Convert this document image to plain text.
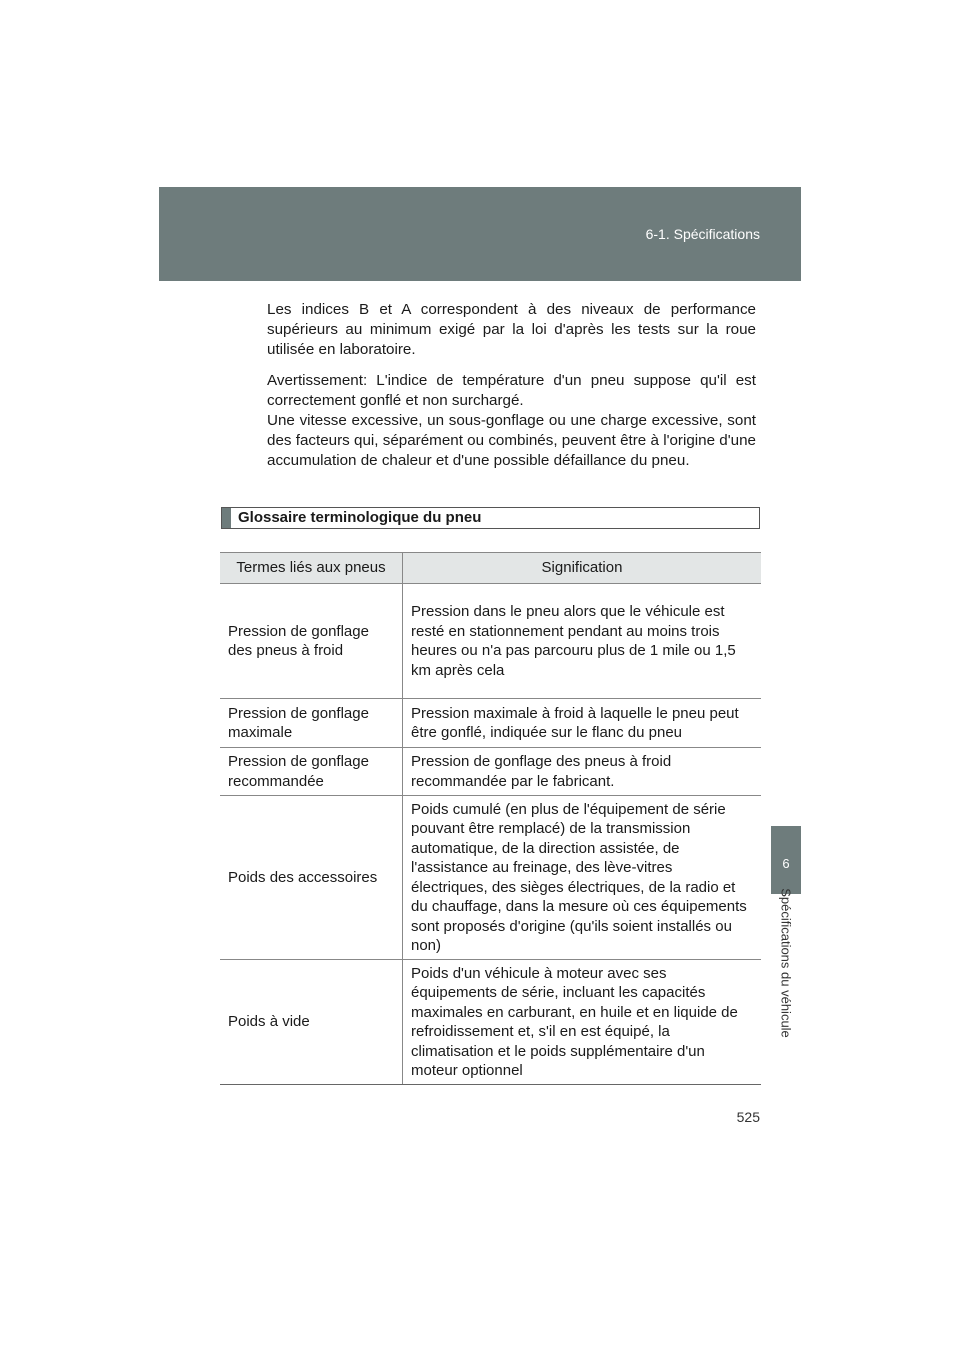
6-1. Spécifications
6
Spécifications du véhicule

Les indices B et A correspondent à des niveaux de performance supérieurs au minimum exigé par la loi d'après les tests sur la roue utilisée en laboratoire.

Avertissement: L'indice de température d'un pneu suppose qu'il est correctement gonflé et non surchargé.

Une vitesse excessive, un sous-gonflage ou une charge excessive, sont des facteurs qui, séparément ou combinés, peuvent être à l'origine d'une accumulation de chaleur et d'une possible défaillance du pneu.

Glossaire terminologique du pneu
Termes liés aux pneus	Signification
Pression de gonflage des pneus à froid	Pression dans le pneu alors que le véhicule est resté en stationnement pendant au moins trois heures ou n'a pas parcouru plus de 1 mile ou 1,5 km après cela
Pression de gonflage maximale	Pression maximale à froid à laquelle le pneu peut être gonflé, indiquée sur le flanc du pneu
Pression de gonflage recommandée	Pression de gonflage des pneus à froid recommandée par le fabricant.
Poids des accessoires	Poids cumulé (en plus de l'équipement de série pouvant être remplacé) de la transmission automatique, de la direction assistée, de l'assistance au freinage, des lève-vitres électriques, des sièges électriques, de la radio et du chauffage, dans la mesure où ces équipements sont proposés d'origine (qu'ils soient installés ou non)
Poids à vide	Poids d'un véhicule à moteur avec ses équipements de série, incluant les capacités maximales en carburant, en huile et en liquide de refroidissement et, s'il en est équipé, la climatisation et le poids supplémentaire d'un moteur optionnel
525
